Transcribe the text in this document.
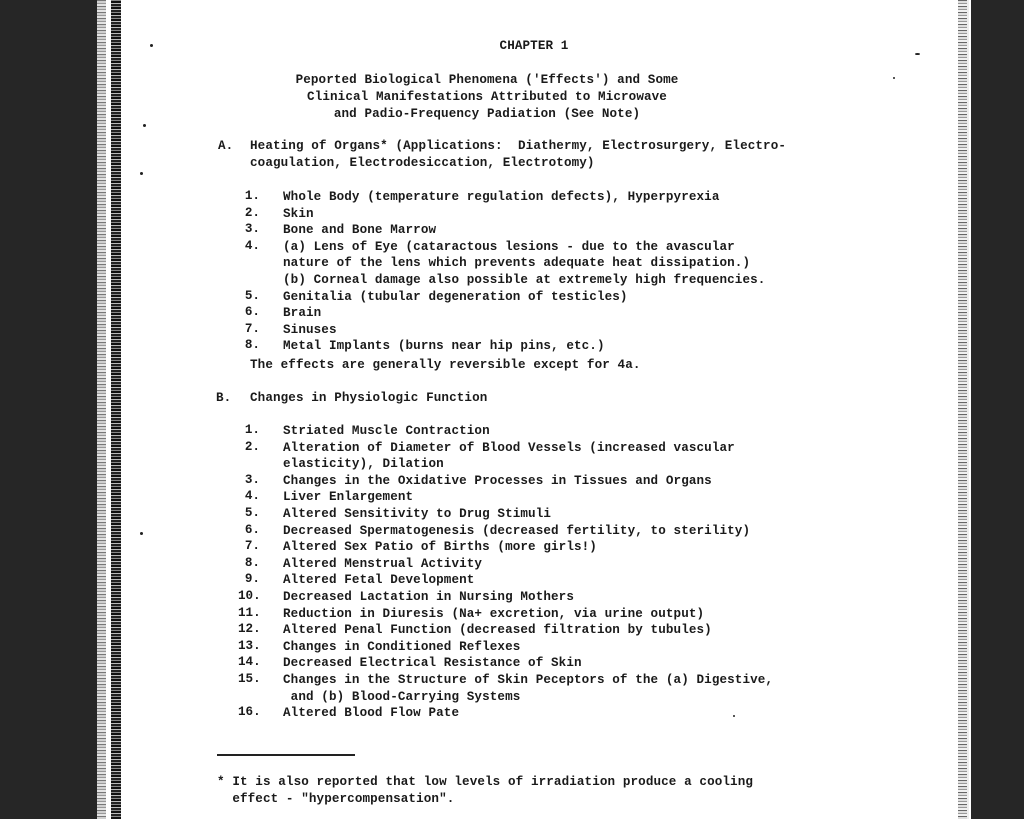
CHAPTER 1
Peported Biological Phenomena ('Effects') and Some
Clinical Manifestations Attributed to Microwave
and Padio-Frequency Padiation (See Note)
A. Heating of Organs* (Applications:  Diathermy, Electrosurgery, Electro-
coagulation, Electrodesiccation, Electrotomy)
1. Whole Body (temperature regulation defects), Hyperpyrexia
2. Skin
3. Bone and Bone Marrow
4. (a) Lens of Eye (cataractous lesions - due to the avascular
nature of the lens which prevents adequate heat dissipation.)
(b) Corneal damage also possible at extremely high frequencies.
5. Genitalia (tubular degeneration of testicles)
6. Brain
7. Sinuses
8. Metal Implants (burns near hip pins, etc.)
The effects are generally reversible except for 4a.
B. Changes in Physiologic Function
1. Striated Muscle Contraction
2. Alteration of Diameter of Blood Vessels (increased vascular
elasticity), Dilation
3. Changes in the Oxidative Processes in Tissues and Organs
4. Liver Enlargement
5. Altered Sensitivity to Drug Stimuli
6. Decreased Spermatogenesis (decreased fertility, to sterility)
7. Altered Sex Patio of Births (more girls!)
8. Altered Menstrual Activity
9. Altered Fetal Development
10. Decreased Lactation in Nursing Mothers
11. Reduction in Diuresis (Na+ excretion, via urine output)
12. Altered Penal Function (decreased filtration by tubules)
13. Changes in Conditioned Reflexes
14. Decreased Electrical Resistance of Skin
15. Changes in the Structure of Skin Peceptors of the (a) Digestive,
and (b) Blood-Carrying Systems
16. Altered Blood Flow Pate
* It is also reported that low levels of irradiation produce a cooling
effect - "hypercompensation".
